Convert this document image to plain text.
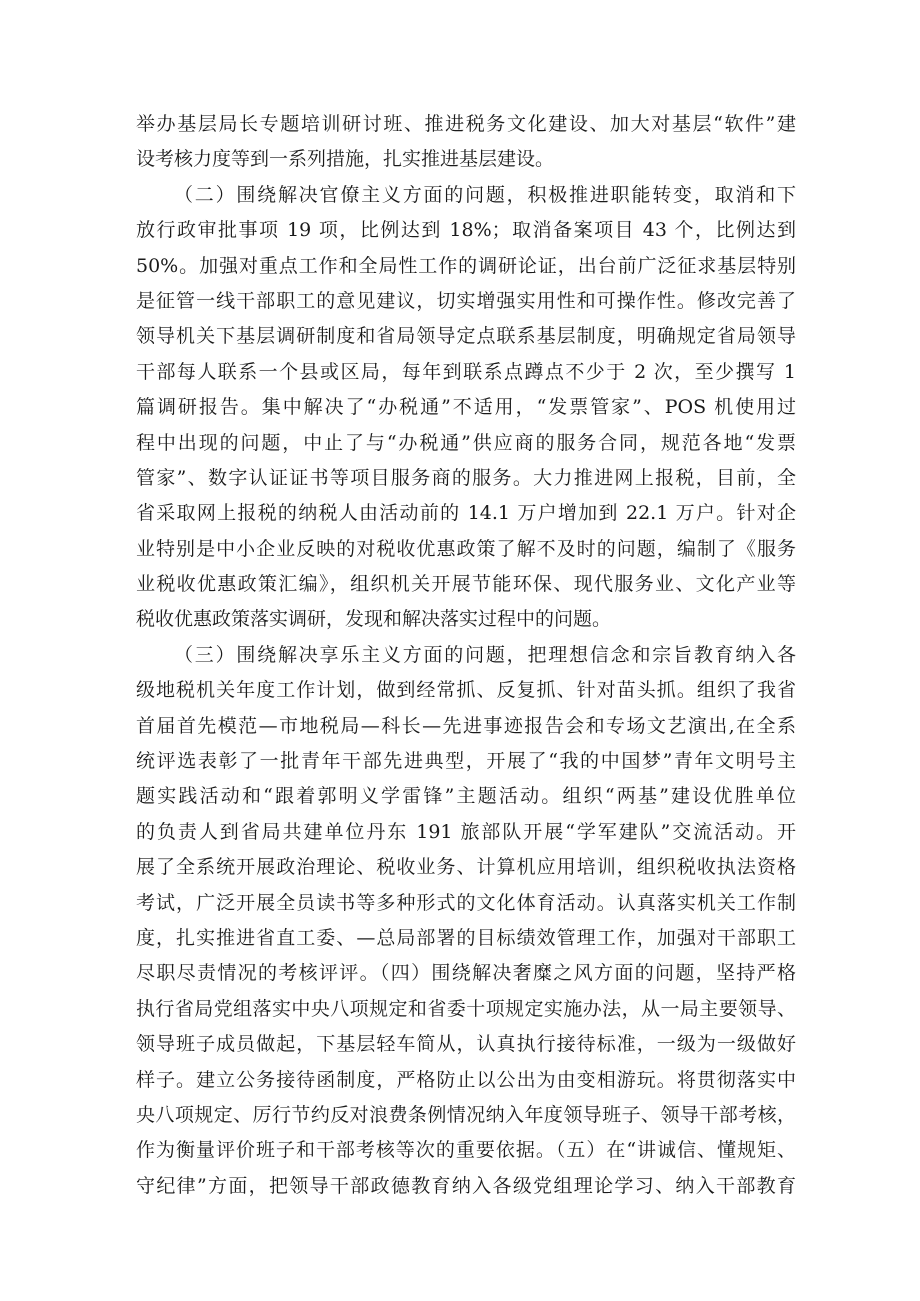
举办基层局长专题培训研讨班、推进税务文化建设、加大对基层“软件”建
设考核力度等到一系列措施，扎实推进基层建设。
（二）围绕解决官僚主义方面的问题，积极推进职能转变，取消和下
放行政审批事项 19 项，比例达到 18%；取消备案项目 43 个，比例达到
50%。加强对重点工作和全局性工作的调研论证，出台前广泛征求基层特别
是征管一线干部职工的意见建议，切实增强实用性和可操作性。修改完善了
领导机关下基层调研制度和省局领导定点联系基层制度，明确规定省局领导
干部每人联系一个县或区局，每年到联系点蹲点不少于 2 次，至少撰写 1
篇调研报告。集中解决了“办税通”不适用，“发票管家”、POS 机使用过
程中出现的问题，中止了与“办税通”供应商的服务合同，规范各地“发票
管家”、数字认证证书等项目服务商的服务。大力推进网上报税，目前，全
省采取网上报税的纳税人由活动前的 14.1 万户增加到 22.1 万户。针对企
业特别是中小企业反映的对税收优惠政策了解不及时的问题，编制了《服务
业税收优惠政策汇编》，组织机关开展节能环保、现代服务业、文化产业等
税收优惠政策落实调研，发现和解决落实过程中的问题。
（三）围绕解决享乐主义方面的问题，把理想信念和宗旨教育纳入各
级地税机关年度工作计划，做到经常抓、反复抓、针对苗头抓。组织了我省
首届首先模范—市地税局—科长—先进事迹报告会和专场文艺演出,在全系
统评选表彰了一批青年干部先进典型，开展了“我的中国梦”青年文明号主
题实践活动和“跟着郭明义学雷锋”主题活动。组织“两基”建设优胜单位
的负责人到省局共建单位丹东 191 旅部队开展“学军建队”交流活动。开
展了全系统开展政治理论、税收业务、计算机应用培训，组织税收执法资格
考试，广泛开展全员读书等多种形式的文化体育活动。认真落实机关工作制
度，扎实推进省直工委、—总局部署的目标绩效管理工作，加强对干部职工
尽职尽责情况的考核评评。（四）围绕解决奢糜之风方面的问题，坚持严格
执行省局党组落实中央八项规定和省委十项规定实施办法，从一局主要领导、
领导班子成员做起，下基层轻车简从，认真执行接待标准，一级为一级做好
样子。建立公务接待函制度，严格防止以公出为由变相游玩。将贯彻落实中
央八项规定、厉行节约反对浪费条例情况纳入年度领导班子、领导干部考核，
作为衡量评价班子和干部考核等次的重要依据。（五）在“讲诚信、懂规矩、
守纪律”方面，把领导干部政德教育纳入各级党组理论学习、纳入干部教育
